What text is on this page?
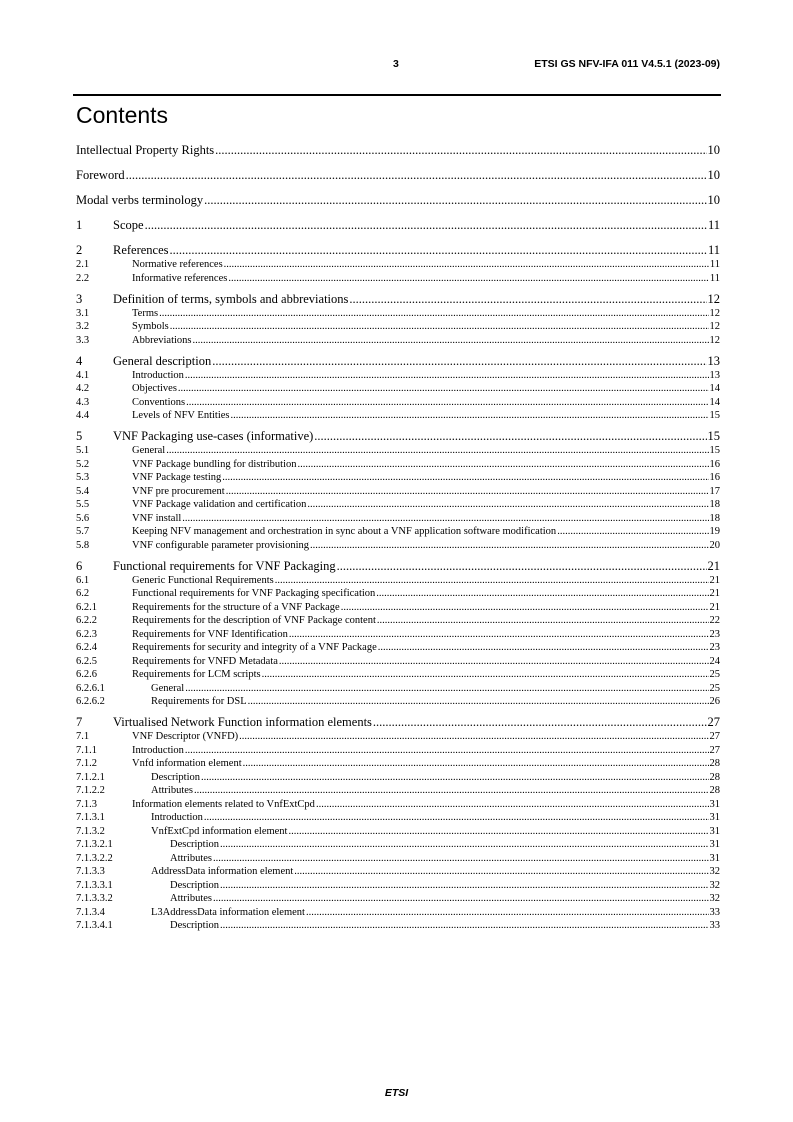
3	ETSI GS NFV-IFA 011 V4.5.1 (2023-09)
Contents
Intellectual Property Rights .....	10
Foreword .....	10
Modal verbs terminology .....	10
1 Scope .....	11
2 References .....	11
2.1	Normative references .....	11
2.2	Informative references .....	11
3 Definition of terms, symbols and abbreviations .....	12
3.1	Terms .....	12
3.2	Symbols .....	12
3.3	Abbreviations .....	12
4 General description .....	13
4.1	Introduction .....	13
4.2	Objectives .....	14
4.3	Conventions .....	14
4.4	Levels of NFV Entities .....	15
5 VNF Packaging use-cases (informative) .....	15
5.1	General .....	15
5.2	VNF Package bundling for distribution .....	16
5.3	VNF Package testing .....	16
5.4	VNF pre procurement .....	17
5.5	VNF Package validation and certification .....	18
5.6	VNF install .....	18
5.7	Keeping NFV management and orchestration in sync about a VNF application software modification .....	19
5.8	VNF configurable parameter provisioning .....	20
6 Functional requirements for VNF Packaging .....	21
6.1	Generic Functional Requirements .....	21
6.2	Functional requirements for VNF Packaging specification .....	21
6.2.1	Requirements for the structure of a VNF Package .....	21
6.2.2	Requirements for the description of VNF Package content .....	22
6.2.3	Requirements for VNF Identification .....	23
6.2.4	Requirements for security and integrity of a VNF Package .....	23
6.2.5	Requirements for VNFD Metadata .....	24
6.2.6	Requirements for LCM scripts .....	25
6.2.6.1	General .....	25
6.2.6.2	Requirements for DSL .....	26
7 Virtualised Network Function information elements .....	27
7.1	VNF Descriptor (VNFD) .....	27
7.1.1	Introduction .....	27
7.1.2	Vnfd information element .....	28
7.1.2.1	Description .....	28
7.1.2.2	Attributes .....	28
7.1.3	Information elements related to VnfExtCpd .....	31
7.1.3.1	Introduction .....	31
7.1.3.2	VnfExtCpd information element .....	31
7.1.3.2.1	Description .....	31
7.1.3.2.2	Attributes .....	31
7.1.3.3	AddressData information element .....	32
7.1.3.3.1	Description .....	32
7.1.3.3.2	Attributes .....	32
7.1.3.4	L3AddressData information element .....	33
7.1.3.4.1	Description .....	33
ETSI
